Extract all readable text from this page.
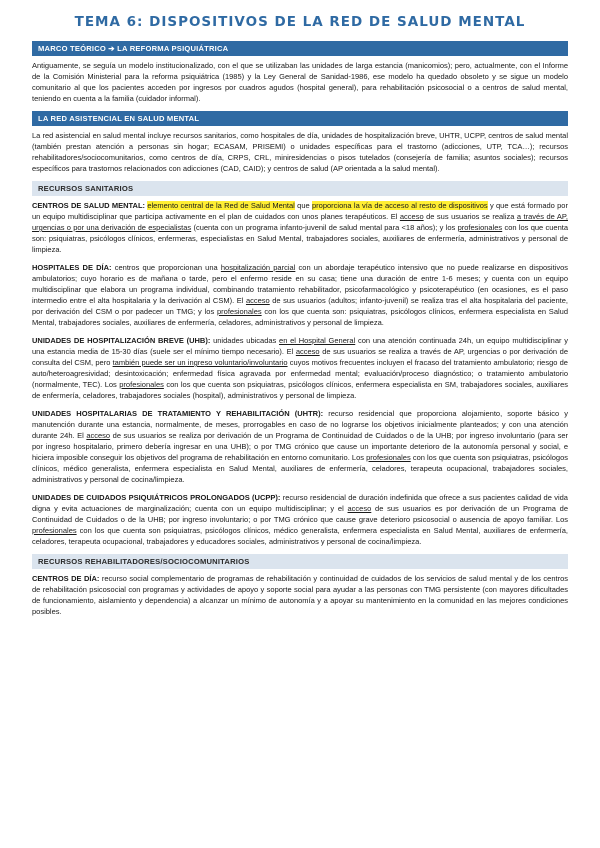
TEMA 6: DISPOSITIVOS DE LA RED DE SALUD MENTAL
MARCO TEÓRICO ➔ LA REFORMA PSIQUIÁTRICA

Antiguamente, se seguía un modelo institucionalizado, con el que se utilizaban las unidades de larga estancia (manicomios); pero, actualmente, con el Informe de la Comisión Ministerial para la reforma psiquiátrica (1985) y la Ley General de Sanidad-1986, ese modelo ha quedado obsoleto y se sigue un modelo comunitario al que los pacientes acceden por ingresos por cuadros agudos (hospital general), para rehabilitación psicosocial o a centros de salud mental, teniendo en cuenta a la familia (cuidador informal).

LA RED ASISTENCIAL EN SALUD MENTAL

La red asistencial en salud mental incluye recursos sanitarios, como hospitales de día, unidades de hospitalización breve, UHTR, UCPP, centros de salud mental (también prestan atención a personas sin hogar; ECASAM, PRISEMI) o unidades específicas para el trastorno (adicciones, UTP, TCA…); recursos rehabilitadores/sociocomunitarios, como centros de día, CRPS, CRL, miniresidencias o pisos tutelados (consejería de familia; asuntos sociales); recursos específicos para trastornos relacionados con adicciones (CAD, CAID); y centros de salud (AP orientada a la salud mental).

RECURSOS SANITARIOS

CENTROS DE SALUD MENTAL: elemento central de la Red de Salud Mental que proporciona la vía de acceso al resto de dispositivos y que está formado por un equipo multidisciplinar que participa activamente en el plan de cuidados con unos planes terapéuticos. El acceso de sus usuarios se realiza a través de AP, urgencias o por una derivación de especialistas (cuenta con un programa infanto-juvenil de salud mental para <18 años); y los profesionales con los que cuenta son: psiquiatras, psicólogos clínicos, enfermeras, especialistas en Salud Mental, trabajadores sociales, auxiliares de enfermería, administrativos y personal de limpieza.

HOSPITALES DE DÍA: centros que proporcionan una hospitalización parcial con un abordaje terapéutico intensivo que no puede realizarse en dispositivos ambulatorios; cuyo horario es de mañana o tarde, pero el enfermo reside en su casa; tiene una duración de entre 1-6 meses; y cuenta con un equipo multidisciplinar que elabora un programa individual, combinando tratamiento rehabilitador, psicofarmacológico y psicoterapéutico (en ocasiones, es el paso intermedio entre el alta hospitalaria y la derivación al CSM). El acceso de sus usuarios (adultos; infanto-juvenil) se realiza tras el alta hospitalaria del paciente, por derivación del CSM o por padecer un TMG; y los profesionales con los que cuenta son: psiquiatras, psicólogos clínicos, enfermera especialista en Salud Mental, trabajadores sociales, auxiliares de enfermería, celadores, administrativos y personal de limpieza.

UNIDADES DE HOSPITALIZACIÓN BREVE (UHB): unidades ubicadas en el Hospital General con una atención continuada 24h, un equipo multidisciplinar y una estancia media de 15-30 días (suele ser el mínimo tiempo necesario). El acceso de sus usuarios se realiza a través de AP, urgencias o por derivación de consulta del CSM, pero también puede ser un ingreso voluntario/involuntario cuyos motivos frecuentes incluyen el fracaso del tratamiento ambulatorio; riesgo de auto/heteroagresividad; desintoxicación; enfermedad física agravada por enfermedad mental; evaluación/proceso diagnóstico; o tratamiento ambulatorio (normalmente, TEC). Los profesionales con los que cuenta son psiquiatras, psicólogos clínicos, enfermera especialista en SM, trabajadores sociales, auxiliares de enfermería, celadores, trabajadores sociales (hospital), administrativos y personal de limpieza.

UNIDADES HOSPITALARIAS DE TRATAMIENTO Y REHABILITACIÓN (UHTR): recurso residencial que proporciona alojamiento, soporte básico y manutención durante una estancia, normalmente, de meses, prorrogables en caso de no lograrse los objetivos inicialmente planteados; y con una atención durante 24h. El acceso de sus usuarios se realiza por derivación de un Programa de Continuidad de Cuidados o de la UHB; por ingreso involuntario (para ser por ingreso hospitalario, primero debería ingresar en una UHB); o por TMG crónico que cause un importante deterioro de la autonomía personal y social, e hiciera imposible conseguir los objetivos del programa de rehabilitación en entorno comunitario. Los profesionales con los que cuenta son psiquiatras, psicólogos clínicos, médico generalista, enfermera especialista en Salud Mental, auxiliares de enfermería, celadores, terapeuta ocupacional, trabajadores sociales, administrativos y personal de cocina/limpieza.

UNIDADES DE CUIDADOS PSIQUIÁTRICOS PROLONGADOS (UCPP): recurso residencial de duración indefinida que ofrece a sus pacientes calidad de vida digna y evita actuaciones de marginalización; cuenta con un equipo multidisciplinar; y el acceso de sus usuarios es por derivación de un Programa de Continuidad de Cuidados o de la UHB; por ingreso involuntario; o por TMG crónico que cause grave deterioro psicosocial o ausencia de apoyo familiar. Los profesionales con los que cuenta son psiquiatras, psicólogos clínicos, médico generalista, enfermera especialista en Salud Mental, auxiliares de enfermería, celadores, terapeuta ocupacional, trabajadores y educadores sociales, administrativos y personal de cocina/limpieza.

RECURSOS REHABILITADORES/SOCIOCOMUNITARIOS

CENTROS DE DÍA: recurso social complementario de programas de rehabilitación y continuidad de cuidados de los servicios de salud mental y de los centros de rehabilitación psicosocial con programas y actividades de apoyo y soporte social para ayudar a las personas con TMG persistente (con mayores dificultades de funcionamiento, aislamiento y dependencia) a alcanzar un mínimo de autonomía y a apoyar su mantenimiento en la comunidad en las mejores condiciones posibles.
